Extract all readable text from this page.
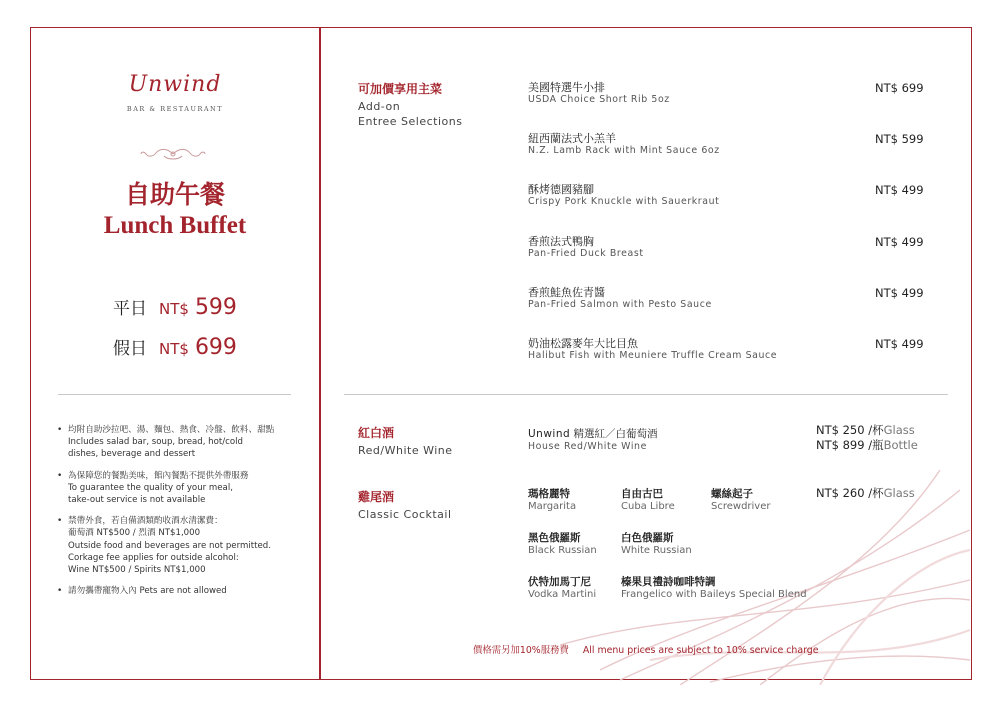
Unwind
BAR & RESTAURANT
自助午餐
Lunch Buffet
平日 NT$ 599
假日 NT$ 699
• 均附自助沙拉吧、湯、麵包、熱食、冷盤、飲料、甜點
Includes salad bar, soup, bread, hot/cold
dishes, beverage and dessert
• 為保障您的餐點美味，館內餐點不提供外帶服務
To guarantee the quality of your meal,
take-out service is not available
• 禁帶外食，若自備酒類酌收酒水清潔費：
葡萄酒 NT$500 / 烈酒 NT$1,000
Outside food and beverages are not permitted.
Corkage fee applies for outside alcohol:
Wine NT$500 / Spirits NT$1,000
• 請勿攜帶寵物入內 Pets are not allowed
可加價享用主菜
Add-on
Entree Selections
美國特選牛小排
USDA Choice Short Rib 5oz
NT$ 699
紐西蘭法式小羔羊
N.Z. Lamb Rack with Mint Sauce 6oz
NT$ 599
酥烤德國豬腳
Crispy Pork Knuckle with Sauerkraut
NT$ 499
香煎法式鴨胸
Pan-Fried Duck Breast
NT$ 499
香煎鮭魚佐青醬
Pan-Fried Salmon with Pesto Sauce
NT$ 499
奶油松露麥年大比目魚
Halibut Fish with Meuniere Truffle Cream Sauce
NT$ 499
紅白酒
Red/White Wine
Unwind 精選紅／白葡萄酒
House Red/White Wine
NT$ 250 /杯Glass
NT$ 899 /瓶Bottle
雞尾酒
Classic Cocktail
NT$ 260 /杯Glass
瑪格麗特
Margarita
自由古巴
Cuba Libre
螺絲起子
Screwdriver
黑色俄羅斯
Black Russian
白色俄羅斯
White Russian
伏特加馬丁尼
Vodka Martini
榛果貝禮詩咖啡特調
Frangelico with Baileys Special Blend
價格需另加10%服務費 All menu prices are subject to 10% service charge
